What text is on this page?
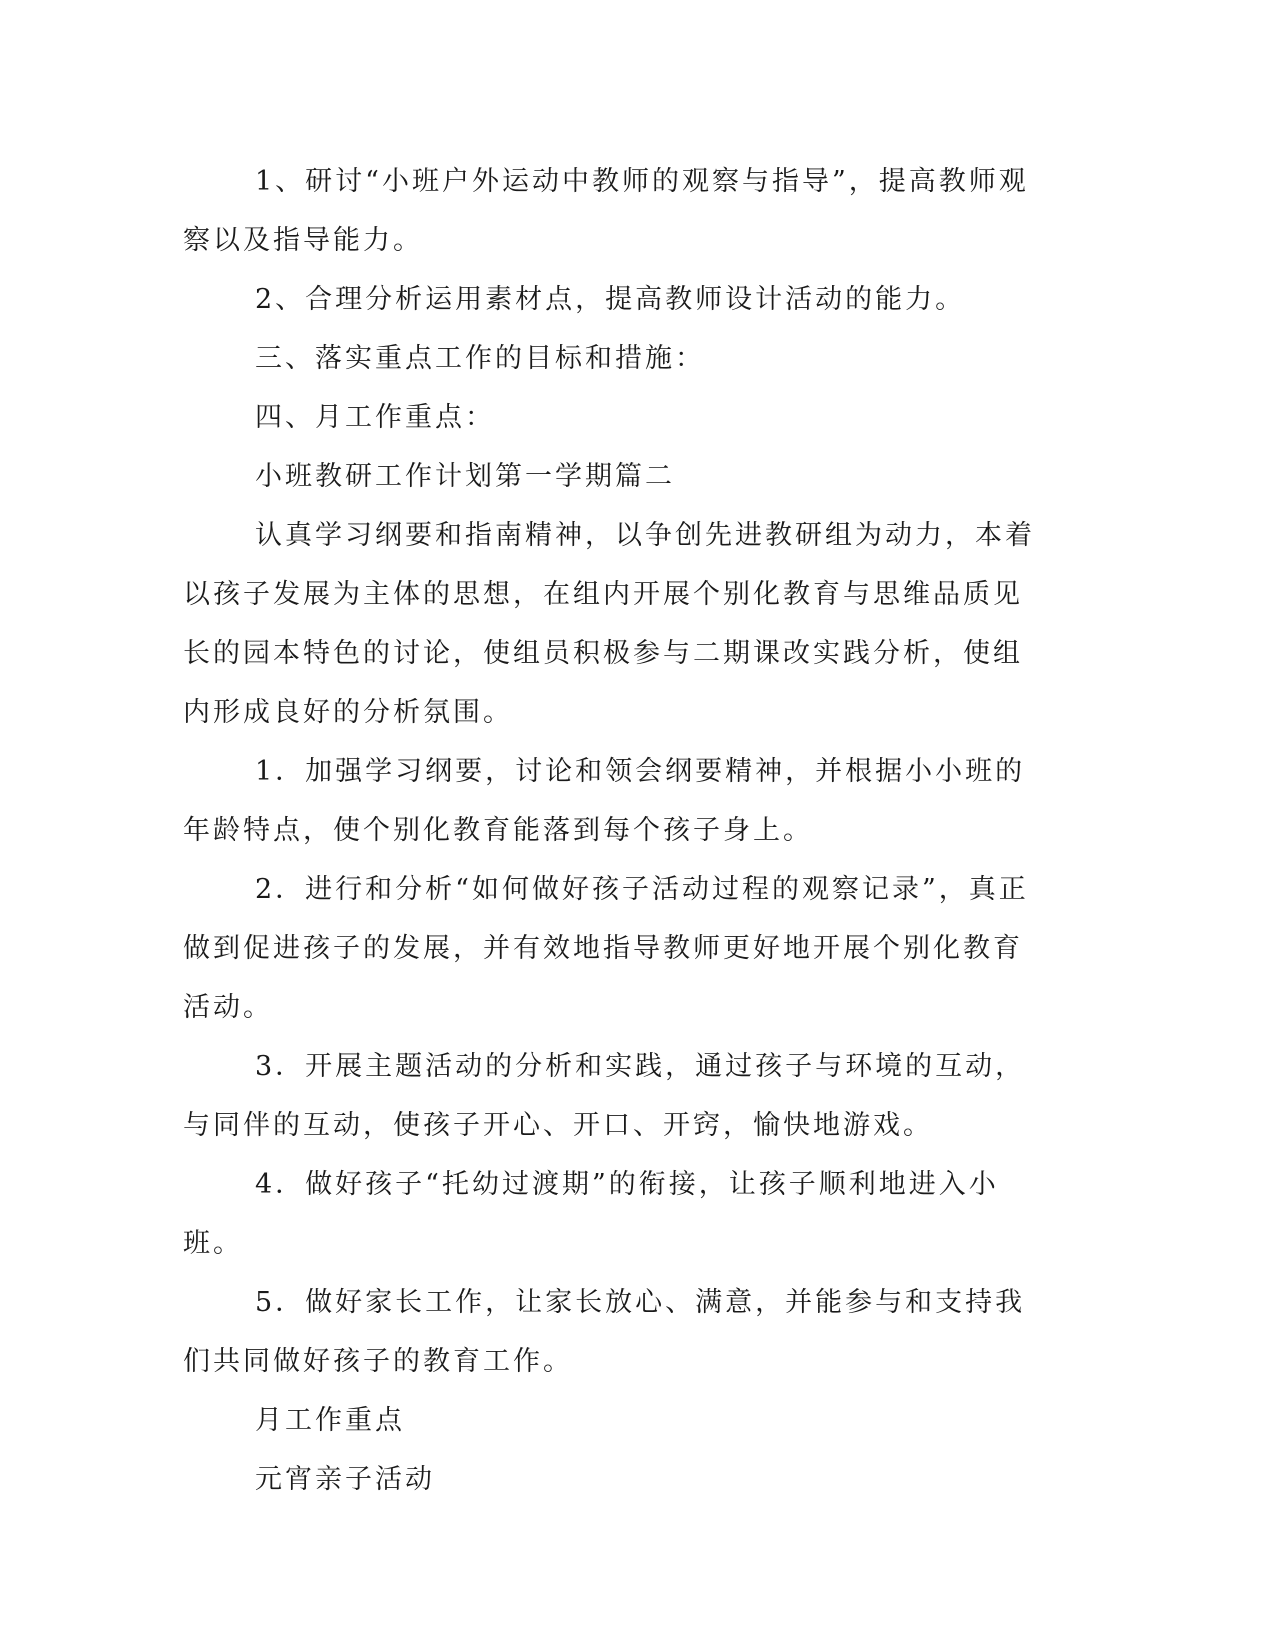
1、研讨“小班户外运动中教师的观察与指导”，提高教师观察以及指导能力。

2、合理分析运用素材点，提高教师设计活动的能力。

三、落实重点工作的目标和措施：

四、月工作重点：

小班教研工作计划第一学期篇二

认真学习纲要和指南精神，以争创先进教研组为动力，本着以孩子发展为主体的思想，在组内开展个别化教育与思维品质见长的园本特色的讨论，使组员积极参与二期课改实践分析，使组内形成良好的分析氛围。

1．加强学习纲要，讨论和领会纲要精神，并根据小小班的年龄特点，使个别化教育能落到每个孩子身上。

2．进行和分析“如何做好孩子活动过程的观察记录”，真正做到促进孩子的发展，并有效地指导教师更好地开展个别化教育活动。

3．开展主题活动的分析和实践，通过孩子与环境的互动，与同伴的互动，使孩子开心、开口、开窍，愉快地游戏。

4．做好孩子“托幼过渡期”的衔接，让孩子顺利地进入小班。

5．做好家长工作，让家长放心、满意，并能参与和支持我们共同做好孩子的教育工作。

月工作重点

元宵亲子活动
